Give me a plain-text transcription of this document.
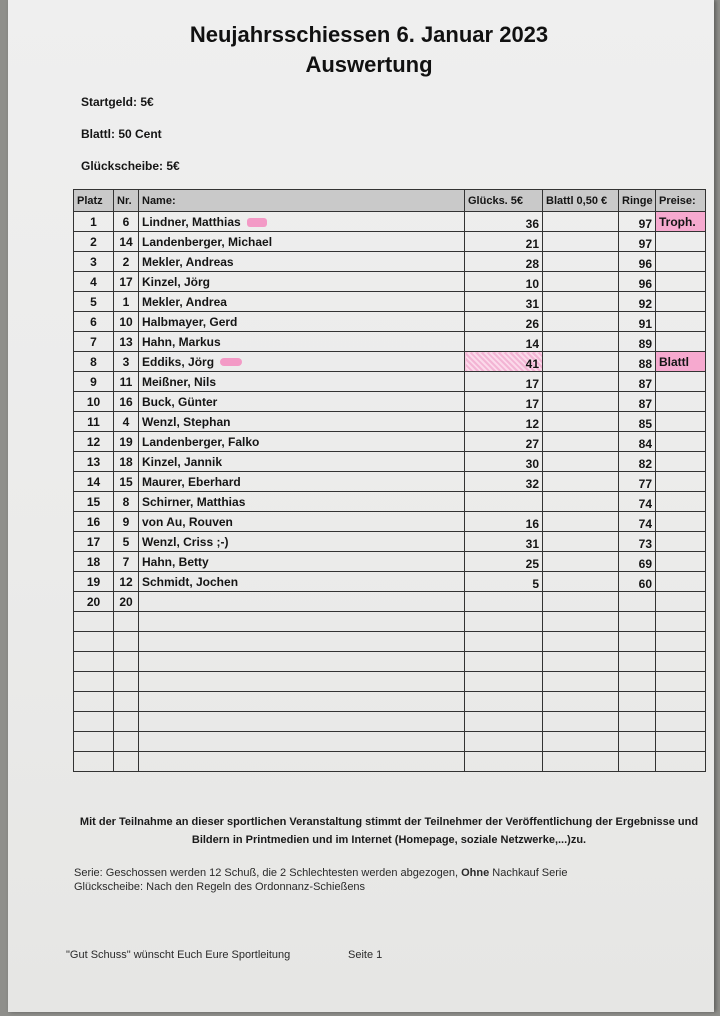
Neujahrsschiessen 6. Januar 2023
Auswertung
Startgeld: 5€
Blattl: 50 Cent
Glückscheibe: 5€
Platz	Nr.	Name:	Glücks. 5€	Blattl 0,50 €	Ringe	Preise:
1	6	Lindner, Matthias	36		97	Troph.
2	14	Landenberger, Michael	21		97	
3	2	Mekler, Andreas	28		96	
4	17	Kinzel, Jörg	10		96	
5	1	Mekler, Andrea	31		92	
6	10	Halbmayer, Gerd	26		91	
7	13	Hahn, Markus	14		89	
8	3	Eddiks, Jörg	41		88	Blattl
9	11	Meißner, Nils	17		87	
10	16	Buck, Günter	17		87	
11	4	Wenzl, Stephan	12		85	
12	19	Landenberger, Falko	27		84	
13	18	Kinzel, Jannik	30		82	
14	15	Maurer, Eberhard	32		77	
15	8	Schirner, Matthias			74	
16	9	von Au, Rouven	16		74	
17	5	Wenzl, Criss ;-)	31		73	
18	7	Hahn, Betty	25		69	
19	12	Schmidt, Jochen	5		60	
20	20					

Mit der Teilnahme an dieser sportlichen Veranstaltung stimmt der Teilnehmer der Veröffentlichung der Ergebnisse und Bildern in Printmedien und im Internet (Homepage, soziale Netzwerke,...)zu.
Serie: Geschossen werden 12 Schuß, die 2 Schlechtesten werden abgezogen, Ohne Nachkauf Serie
Glückscheibe: Nach den Regeln des Ordonnanz-Schießens
"Gut Schuss" wünscht Euch Eure Sportleitung	Seite 1
